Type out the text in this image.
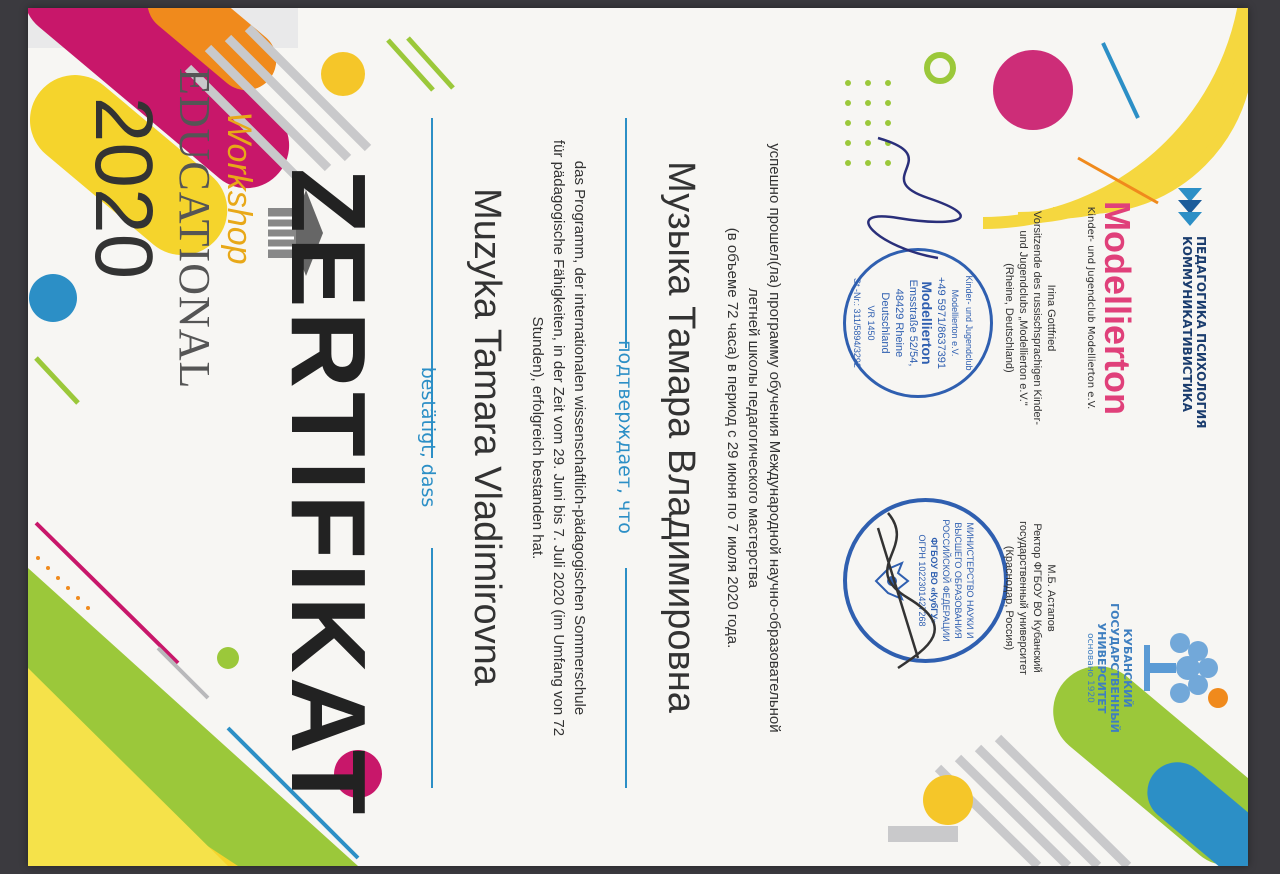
2020 EDUCATIONAL Workshop ZERTIFIKAT bestätigt, dass Muzyka Tamara Vladimirovna	das Programm, der internationalen wissenschaftlich-pädagogischen Sommerschule
für pädagogische Fähigkeiten, in der Zeit vom 29. Juni bis 7. Juli 2020 (im Umfang von 72
Stunden), erfolgreich bestanden hat.	подтверждает, что Музыка Тамара Владимировна	успешно прошел(ла) программу обучения Международной научно-образовательной
летней школы педагогического мастерства
(в объеме 72 часа) в период с 29 июня по 7 июля 2020 года.	Kinder- und Jugendclub Modellierton e.V.
+49 5971/8637391
Modellierton
Emsstraße 52/54,
48429 Rheine
Deutschland
VR 1450
St.-Nr.: 311/5894/3292	Irina Gottfried
Vorsitzende des russischsprachigen Kinder-
und Jugendclubs „Modellierton e.V."
(Rheine, Deutschland)
МИНИСТЕРСТВО НАУКИ И ВЫСШЕГО ОБРАЗОВАНИЯ РОССИЙСКОЙ ФЕДЕРАЦИИ
ФГБОУ ВО «КубГУ»
ОГРН 1022301427268	М.Б. Астапов
Ректор ФГБОУ ВО Кубанский
государственный университет
(Краснодар, Россия)
Modellierton
Kinder- und Jugendclub Modellierton e.V.	ПЕДАГОГИКА ПСИХОЛОГИЯ
КОММУНИКАТИВИСТИКА
КУБАНСКИЙ
ГОСУДАРСТВЕННЫЙ
УНИВЕРСИТЕТ
основано 1920
